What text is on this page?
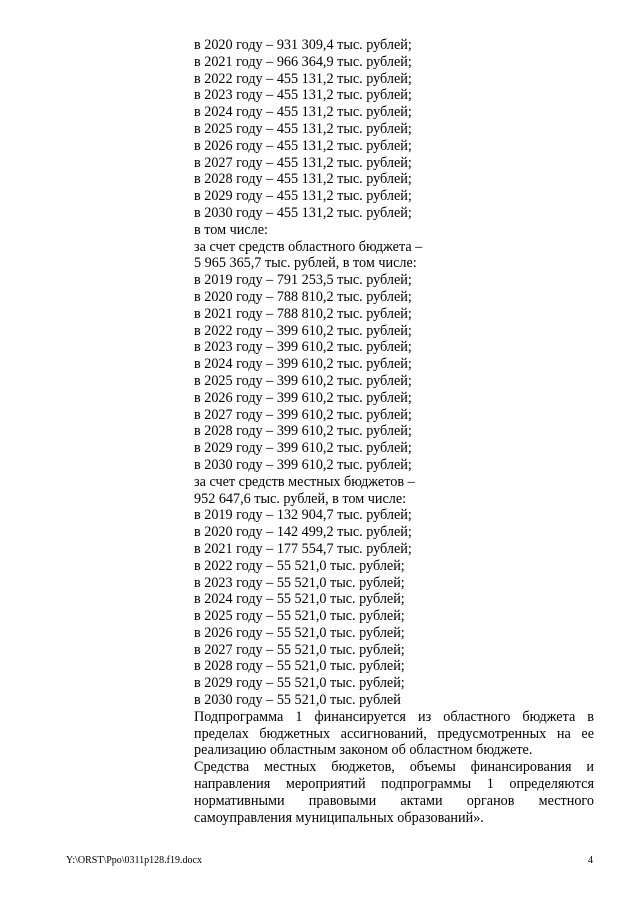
в 2020 году – 931 309,4 тыс. рублей;
в 2021 году – 966 364,9 тыс. рублей;
в 2022 году – 455 131,2 тыс. рублей;
в 2023 году – 455 131,2 тыс. рублей;
в 2024 году – 455 131,2 тыс. рублей;
в 2025 году – 455 131,2 тыс. рублей;
в 2026 году – 455 131,2 тыс. рублей;
в 2027 году – 455 131,2 тыс. рублей;
в 2028 году – 455 131,2 тыс. рублей;
в 2029 году – 455 131,2 тыс. рублей;
в 2030 году – 455 131,2 тыс. рублей;
в том числе:
за счет средств областного бюджета –
5 965 365,7 тыс. рублей, в том числе:
в 2019 году – 791 253,5 тыс. рублей;
в 2020 году – 788 810,2 тыс. рублей;
в 2021 году – 788 810,2 тыс. рублей;
в 2022 году – 399 610,2 тыс. рублей;
в 2023 году – 399 610,2 тыс. рублей;
в 2024 году – 399 610,2 тыс. рублей;
в 2025 году – 399 610,2 тыс. рублей;
в 2026 году – 399 610,2 тыс. рублей;
в 2027 году – 399 610,2 тыс. рублей;
в 2028 году – 399 610,2 тыс. рублей;
в 2029 году – 399 610,2 тыс. рублей;
в 2030 году – 399 610,2 тыс. рублей;
за счет средств местных бюджетов –
952 647,6 тыс. рублей, в том числе:
в 2019 году – 132 904,7 тыс. рублей;
в 2020 году – 142 499,2 тыс. рублей;
в 2021 году – 177 554,7 тыс. рублей;
в 2022 году – 55 521,0 тыс. рублей;
в 2023 году – 55 521,0 тыс. рублей;
в 2024 году – 55 521,0 тыс. рублей;
в 2025 году – 55 521,0 тыс. рублей;
в 2026 году – 55 521,0 тыс. рублей;
в 2027 году – 55 521,0 тыс. рублей;
в 2028 году – 55 521,0 тыс. рублей;
в 2029 году – 55 521,0 тыс. рублей;
в 2030 году – 55 521,0 тыс. рублей
Подпрограмма 1 финансируется из областного бюджета в
пределах бюджетных ассигнований, предусмотренных на ее
реализацию областным законом об областном бюджете.
Средства местных бюджетов, объемы финансирования и
направления мероприятий подпрограммы 1 определяются
нормативными правовыми актами органов местного
самоуправления муниципальных образований».
Y:\ORST\Ppo\0311p128.f19.docx	4
